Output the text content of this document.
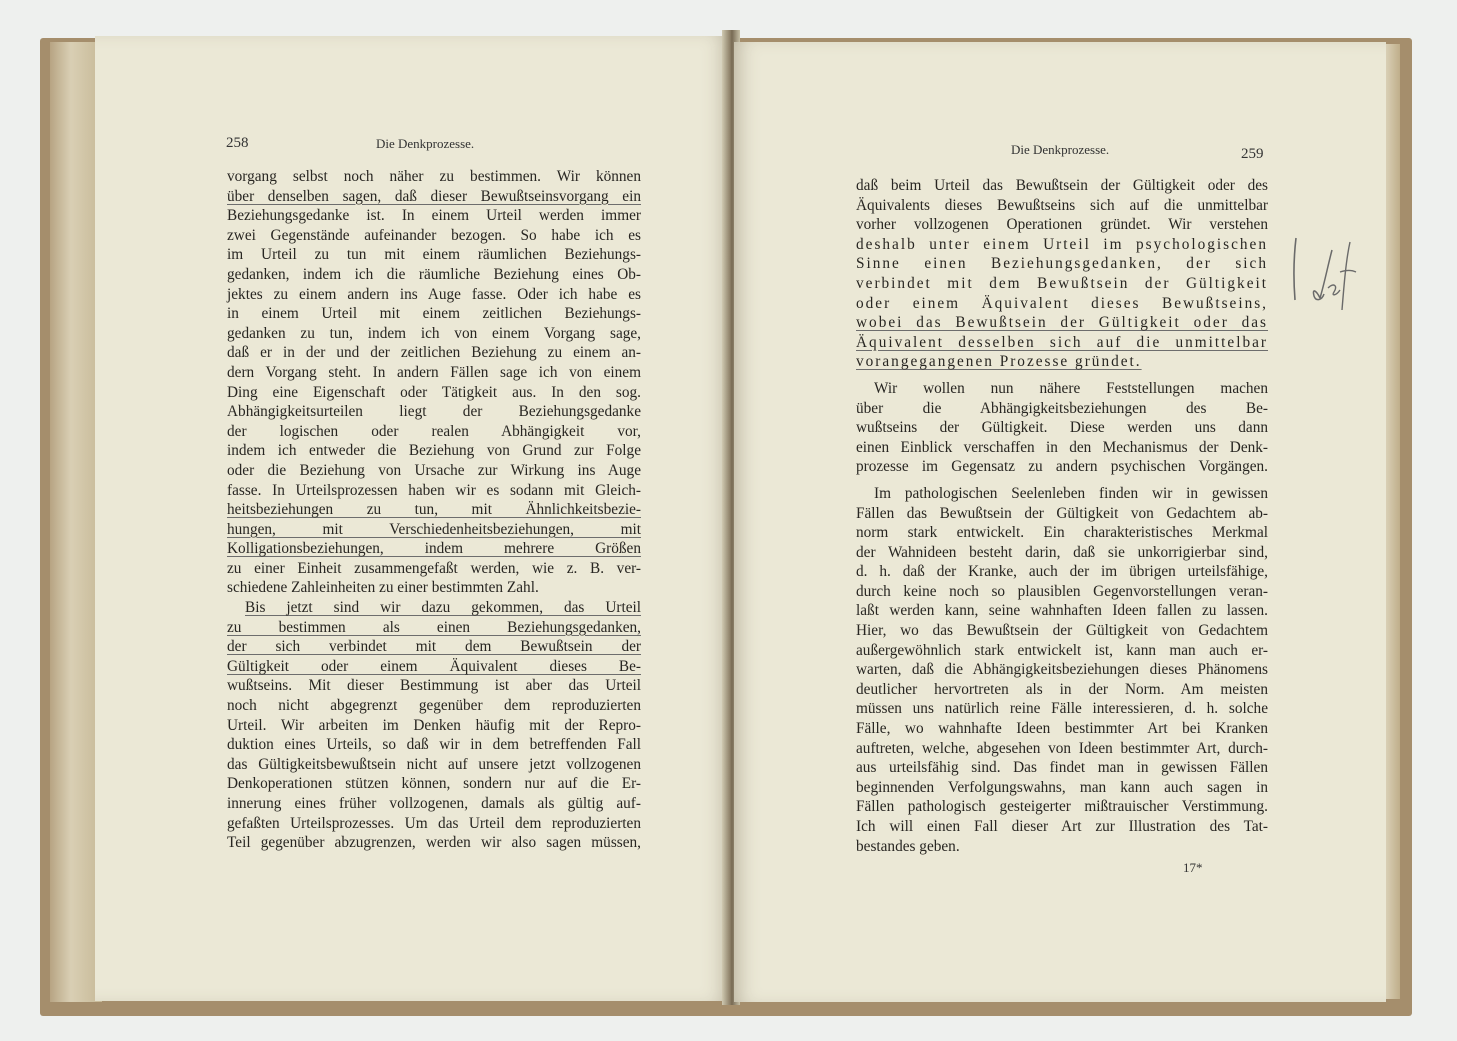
258	Die Denkprozesse.
vorgang selbst noch näher zu bestimmen. Wir können
über denselben sagen, daß dieser Bewußtseinsvorgang ein
Beziehungsgedanke ist. In einem Urteil werden immer
zwei Gegenstände aufeinander bezogen. So habe ich es
im Urteil zu tun mit einem räumlichen Beziehungs-
gedanken, indem ich die räumliche Beziehung eines Ob-
jektes zu einem andern ins Auge fasse. Oder ich habe es
in einem Urteil mit einem zeitlichen Beziehungs-
gedanken zu tun, indem ich von einem Vorgang sage,
daß er in der und der zeitlichen Beziehung zu einem an-
dern Vorgang steht. In andern Fällen sage ich von einem
Ding eine Eigenschaft oder Tätigkeit aus. In den sog.
Abhängigkeitsurteilen liegt der Beziehungsgedanke
der logischen oder realen Abhängigkeit vor,
indem ich entweder die Beziehung von Grund zur Folge
oder die Beziehung von Ursache zur Wirkung ins Auge
fasse. In Urteilsprozessen haben wir es sodann mit Gleich-
heitsbeziehungen zu tun, mit Ähnlichkeitsbezie-
hungen, mit Verschiedenheitsbeziehungen, mit
Kolligationsbeziehungen, indem mehrere Größen
zu einer Einheit zusammengefaßt werden, wie z. B. ver-
schiedene Zahleinheiten zu einer bestimmten Zahl.
Bis jetzt sind wir dazu gekommen, das Urteil
zu bestimmen als einen Beziehungsgedanken,
der sich verbindet mit dem Bewußtsein der
Gültigkeit oder einem Äquivalent dieses Be-
wußtseins. Mit dieser Bestimmung ist aber das Urteil
noch nicht abgegrenzt gegenüber dem reproduzierten
Urteil. Wir arbeiten im Denken häufig mit der Repro-
duktion eines Urteils, so daß wir in dem betreffenden Fall
das Gültigkeitsbewußtsein nicht auf unsere jetzt vollzogenen
Denkoperationen stützen können, sondern nur auf die Er-
innerung eines früher vollzogenen, damals als gültig auf-
gefaßten Urteilsprozesses. Um das Urteil dem reproduzierten
Teil gegenüber abzugrenzen, werden wir also sagen müssen,
Die Denkprozesse.	259
daß beim Urteil das Bewußtsein der Gültigkeit oder des
Äquivalents dieses Bewußtseins sich auf die unmittelbar
vorher vollzogenen Operationen gründet. Wir verstehen
deshalb unter einem Urteil im psychologischen
Sinne einen Beziehungsgedanken, der sich
verbindet mit dem Bewußtsein der Gültigkeit
oder einem Äquivalent dieses Bewußtseins,
wobei das Bewußtsein der Gültigkeit oder das
Äquivalent desselben sich auf die unmittelbar
vorangegangenen Prozesse gründet.
Wir wollen nun nähere Feststellungen machen
über die Abhängigkeitsbeziehungen des Be-
wußtseins der Gültigkeit. Diese werden uns dann
einen Einblick verschaffen in den Mechanismus der Denk-
prozesse im Gegensatz zu andern psychischen Vorgängen.
Im pathologischen Seelenleben finden wir in gewissen
Fällen das Bewußtsein der Gültigkeit von Gedachtem ab-
norm stark entwickelt. Ein charakteristisches Merkmal
der Wahnideen besteht darin, daß sie unkorrigierbar sind,
d. h. daß der Kranke, auch der im übrigen urteilsfähige,
durch keine noch so plausiblen Gegenvorstellungen veran-
laßt werden kann, seine wahnhaften Ideen fallen zu lassen.
Hier, wo das Bewußtsein der Gültigkeit von Gedachtem
außergewöhnlich stark entwickelt ist, kann man auch er-
warten, daß die Abhängigkeitsbeziehungen dieses Phänomens
deutlicher hervortreten als in der Norm. Am meisten
müssen uns natürlich reine Fälle interessieren, d. h. solche
Fälle, wo wahnhafte Ideen bestimmter Art bei Kranken
auftreten, welche, abgesehen von Ideen bestimmter Art, durch-
aus urteilsfähig sind. Das findet man in gewissen Fällen
beginnenden Verfolgungswahns, man kann auch sagen in
Fällen pathologisch gesteigerter mißtrauischer Verstimmung.
Ich will einen Fall dieser Art zur Illustration des Tat-
bestandes geben.
17*
